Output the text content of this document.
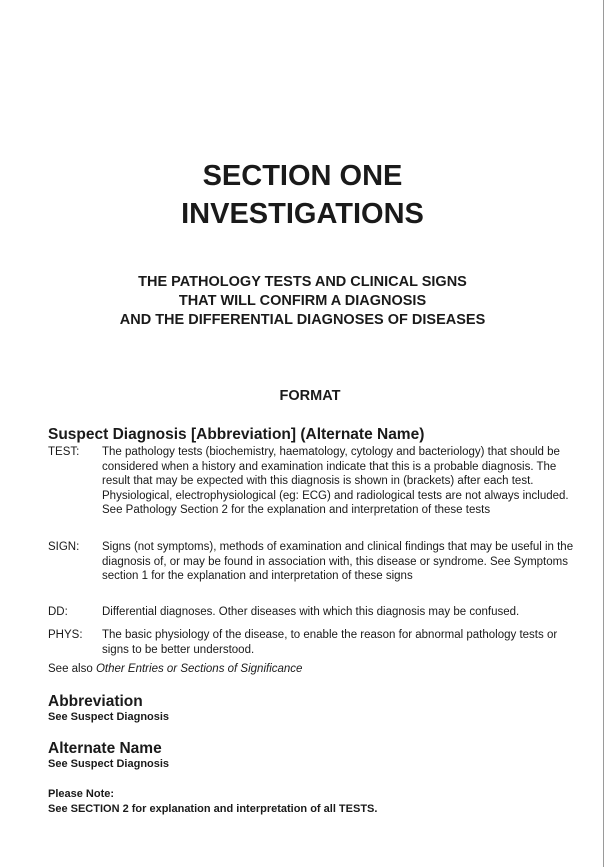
SECTION ONE
INVESTIGATIONS
THE PATHOLOGY TESTS AND CLINICAL SIGNS
THAT WILL CONFIRM A DIAGNOSIS
AND THE DIFFERENTIAL DIAGNOSES OF DISEASES
FORMAT
Suspect Diagnosis [Abbreviation] (Alternate Name)
TEST:	The pathology tests (biochemistry, haematology, cytology and bacteriology) that should be considered when a history and examination indicate that this is a probable diagnosis. The result that may be expected with this diagnosis is shown in (brackets) after each test. Physiological, electrophysiological (eg: ECG) and radiological tests are not always included. See Pathology Section 2 for the explanation and interpretation of these tests
SIGN:	Signs (not symptoms), methods of examination and clinical findings that may be useful in the diagnosis of, or may be found in association with, this disease or syndrome. See Symptoms section 1 for the explanation and interpretation of these signs
DD:	Differential diagnoses. Other diseases with which this diagnosis may be confused.
PHYS:	The basic physiology of the disease, to enable the reason for abnormal pathology tests or signs to be better understood.
See also Other Entries or Sections of Significance
Abbreviation
See Suspect Diagnosis
Alternate Name
See Suspect Diagnosis
Please Note:
See SECTION 2 for explanation and interpretation of all TESTS.
